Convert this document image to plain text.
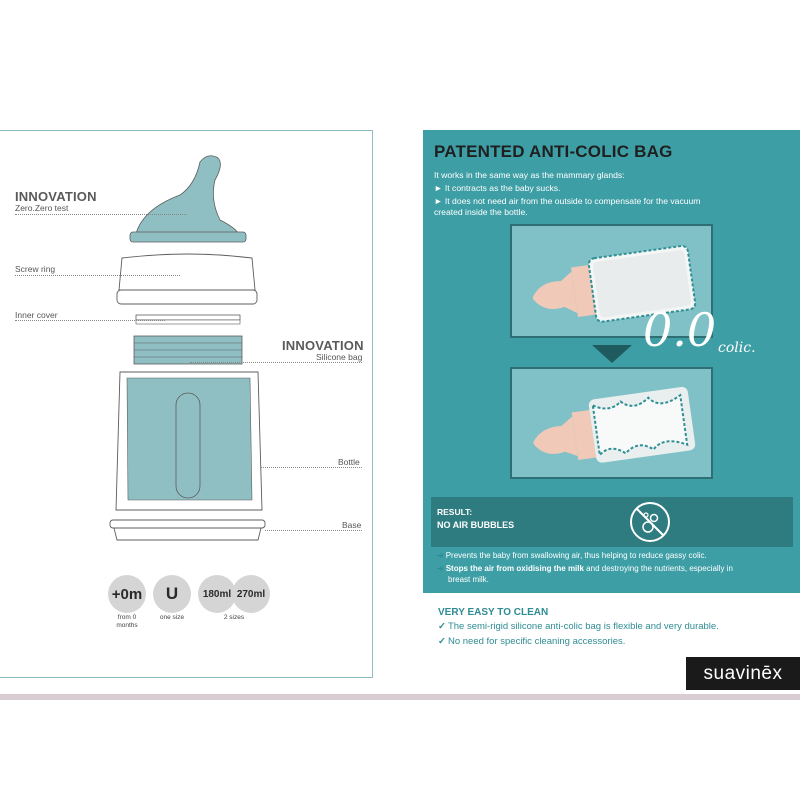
INNOVATION
Zero.Zero test
Screw ring
Inner cover
INNOVATION
Silicone bag
Bottle
Base
+0m
from 0
months
U
one size
180ml 270ml
2 sizes
PATENTED ANTI-COLIC BAG
It works in the same way as the mammary glands:
► It contracts as the baby sucks.
► It does not need air from the outside to compensate for the vacuum
created inside the bottle.
0.0 colic.
RESULT:
NO AIR BUBBLES
➜ Prevents the baby from swallowing air, thus helping to reduce gassy colic.
➜ Stops the air from oxidising the milk and destroying the nutrients, especially in
breast milk.
VERY EASY TO CLEAN
✓ The semi-rigid silicone anti-colic bag is flexible and very durable.
✓ No need for specific cleaning accessories.
suavinēx
